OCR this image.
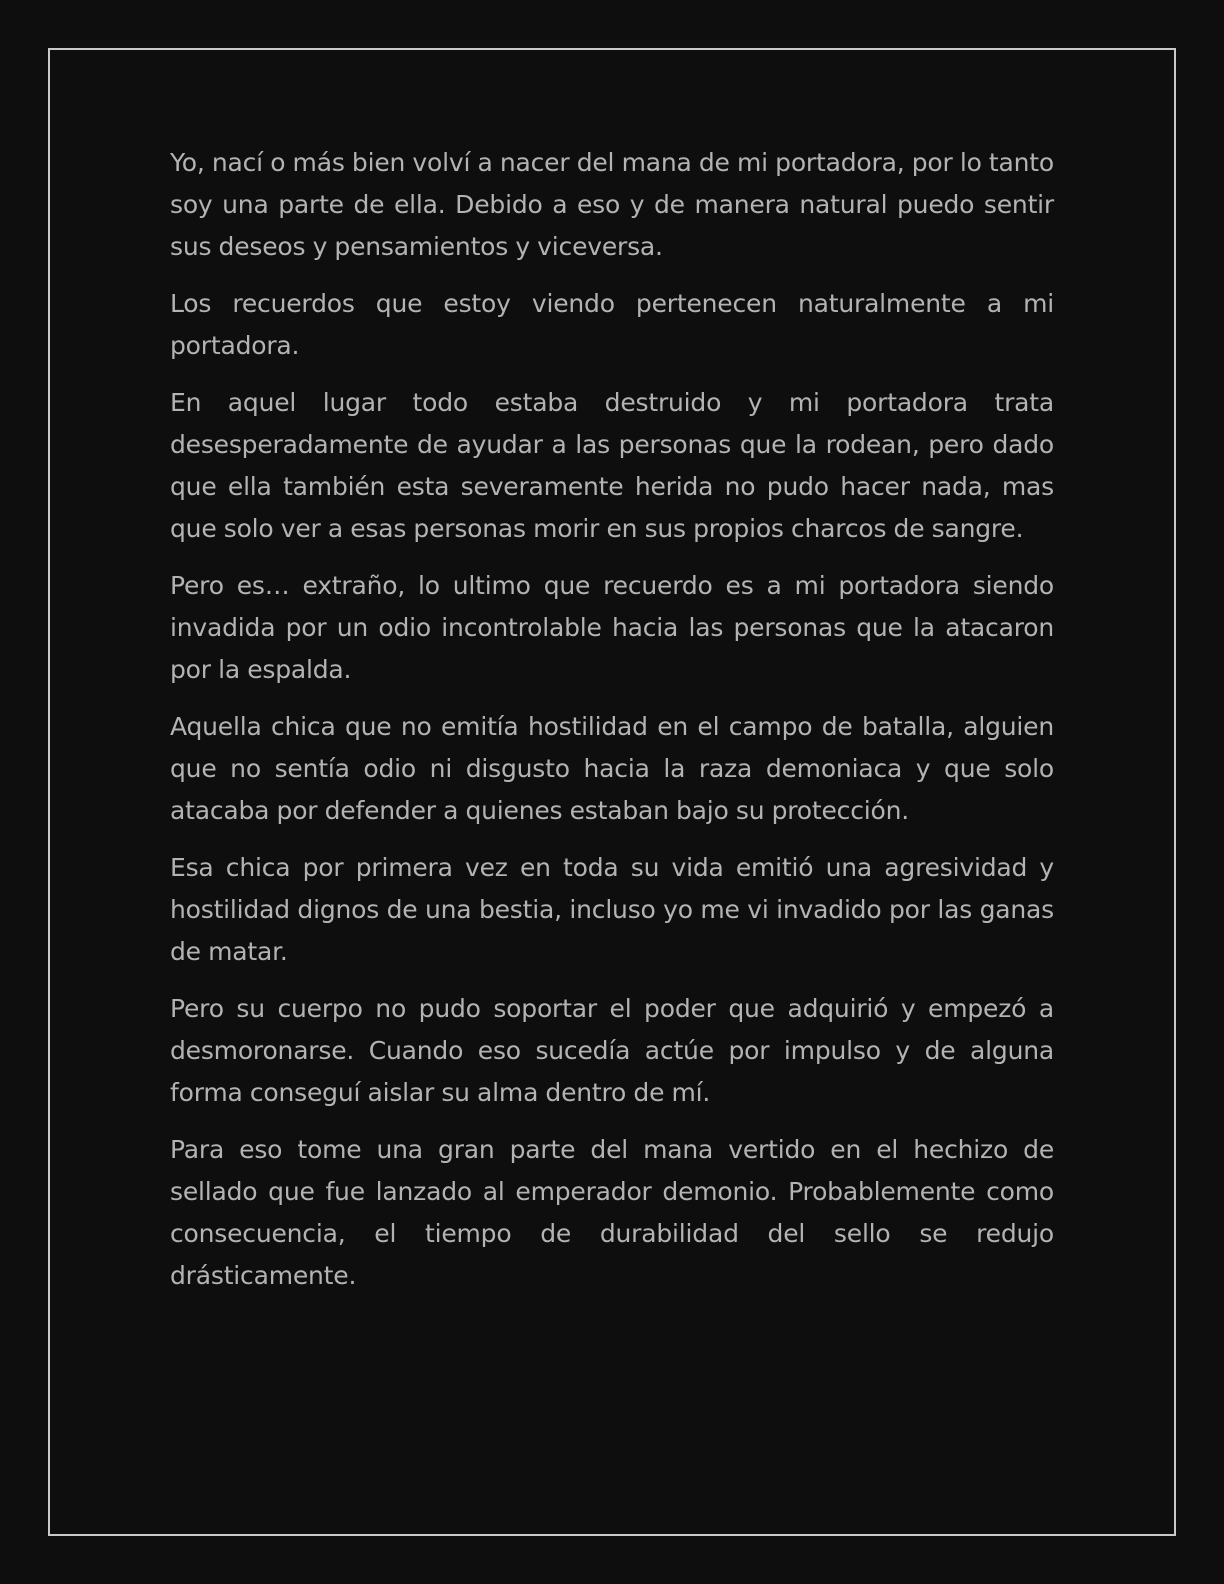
Yo, nací o más bien volví a nacer del mana de mi portadora, por lo tanto soy una parte de ella. Debido a eso y de manera natural puedo sentir sus deseos y pensamientos y viceversa.

Los recuerdos que estoy viendo pertenecen naturalmente a mi portadora.

En aquel lugar todo estaba destruido y mi portadora trata desesperadamente de ayudar a las personas que la rodean, pero dado que ella también esta severamente herida no pudo hacer nada, mas que solo ver a esas personas morir en sus propios charcos de sangre.

Pero es… extraño, lo ultimo que recuerdo es a mi portadora siendo invadida por un odio incontrolable hacia las personas que la atacaron por la espalda.

Aquella chica que no emitía hostilidad en el campo de batalla, alguien que no sentía odio ni disgusto hacia la raza demoniaca y que solo atacaba por defender a quienes estaban bajo su protección.

Esa chica por primera vez en toda su vida emitió una agresividad y hostilidad dignos de una bestia, incluso yo me vi invadido por las ganas de matar.

Pero su cuerpo no pudo soportar el poder que adquirió y empezó a desmoronarse. Cuando eso sucedía actúe por impulso y de alguna forma conseguí aislar su alma dentro de mí.

Para eso tome una gran parte del mana vertido en el hechizo de sellado que fue lanzado al emperador demonio. Probablemente como consecuencia, el tiempo de durabilidad del sello se redujo drásticamente.
